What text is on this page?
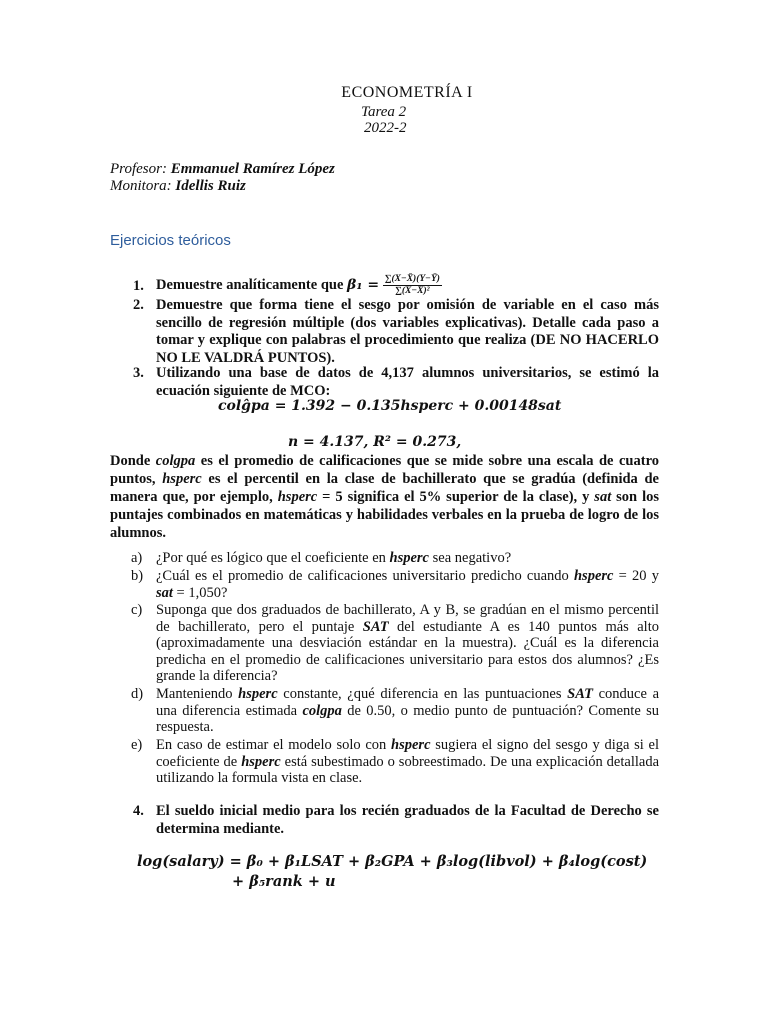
ECONOMETRÍA I
Tarea 2
2022-2
Profesor: Emmanuel Ramírez López
Monitora: Idellis Ruiz
Ejercicios teóricos
1. Demuestre analíticamente que $\beta_1 = \frac{\sum(X-X̄)(Y-Ȳ)}{\text{∑(X−X̄)²}}$
2. Demuestre que forma tiene el sesgo por omisión de variable en el caso más sencillo de regresión múltiple (dos variables explicativas). Detalle cada paso a tomar y explique con palabras el procedimiento que realiza (DE NO HACERLO NO LE VALDRÁ PUNTOS).
3. Utilizando una base de datos de 4,137 alumnos universitarios, se estimó la ecuación siguiente de MCO:
colĝpa = 1.392 − 0.135hsperc + 0.00148sat
n = 4.137, R² = 0.273,
Donde colgpa es el promedio de calificaciones que se mide sobre una escala de cuatro puntos, hsperc es el percentil en la clase de bachillerato que se gradúa (definida de manera que, por ejemplo, hsperc = 5 significa el 5% superior de la clase), y sat son los puntajes combinados en matemáticas y habilidades verbales en la prueba de logro de los alumnos.
a) ¿Por qué es lógico que el coeficiente en hsperc sea negativo?
b) ¿Cuál es el promedio de calificaciones universitario predicho cuando hsperc = 20 y sat = 1,050?
c) Suponga que dos graduados de bachillerato, A y B, se gradúan en el mismo percentil de bachillerato, pero el puntaje SAT del estudiante A es 140 puntos más alto (aproximadamente una desviación estándar en la muestra). ¿Cuál es la diferencia predicha en el promedio de calificaciones universitario para estos dos alumnos? ¿Es grande la diferencia?
d) Manteniendo hsperc constante, ¿qué diferencia en las puntuaciones SAT conduce a una diferencia estimada colgpa de 0.50, o medio punto de puntuación? Comente su respuesta.
e) En caso de estimar el modelo solo con hsperc sugiera el signo del sesgo y diga si el coeficiente de hsperc está subestimado o sobreestimado. De una explicación detallada utilizando la formula vista en clase.
4. El sueldo inicial medio para los recién graduados de la Facultad de Derecho se determina mediante.
log(salary) = β₀ + β₁LSAT + β₂GPA + β₃log(libvol) + β₄log(cost)
+ β₅rank + u
